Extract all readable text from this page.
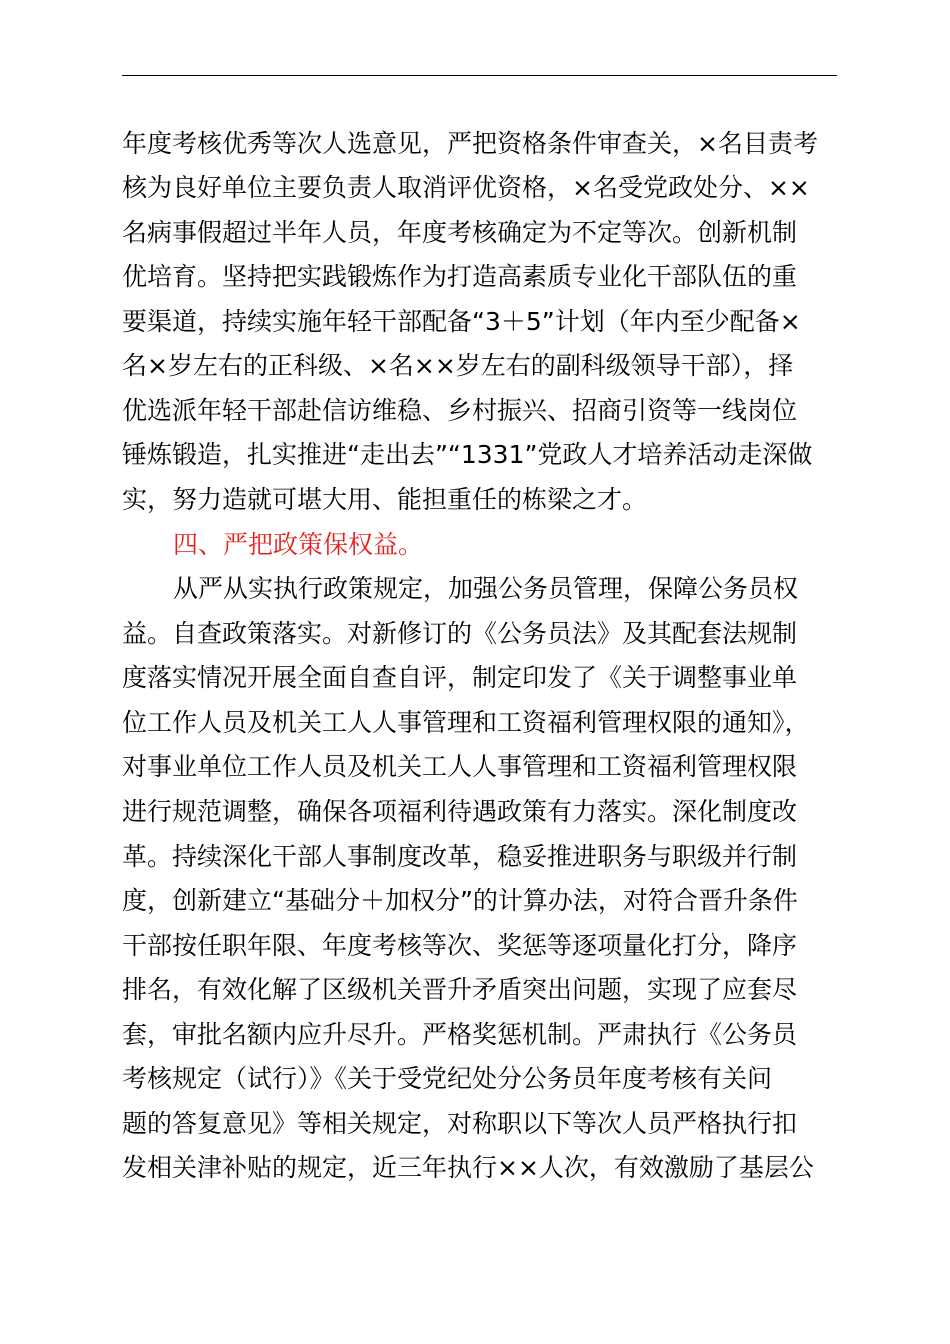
年度考核优秀等次人选意见，严把资格条件审查关，×名目责考
核为良好单位主要负责人取消评优资格，×名受党政处分、××
名病事假超过半年人员，年度考核确定为不定等次。创新机制
优培育。坚持把实践锻炼作为打造高素质专业化干部队伍的重
要渠道，持续实施年轻干部配备“3＋5”计划（年内至少配备×
名×岁左右的正科级、×名××岁左右的副科级领导干部），择
优选派年轻干部赴信访维稳、乡村振兴、招商引资等一线岗位
锤炼锻造，扎实推进“走出去”“1331”党政人才培养活动走深做
实，努力造就可堪大用、能担重任的栋梁之才。
四、严把政策保权益。
从严从实执行政策规定，加强公务员管理，保障公务员权
益。自查政策落实。对新修订的《公务员法》及其配套法规制
度落实情况开展全面自查自评，制定印发了《关于调整事业单
位工作人员及机关工人人事管理和工资福利管理权限的通知》，
对事业单位工作人员及机关工人人事管理和工资福利管理权限
进行规范调整，确保各项福利待遇政策有力落实。深化制度改
革。持续深化干部人事制度改革，稳妥推进职务与职级并行制
度，创新建立“基础分＋加权分”的计算办法，对符合晋升条件
干部按任职年限、年度考核等次、奖惩等逐项量化打分，降序
排名，有效化解了区级机关晋升矛盾突出问题，实现了应套尽
套，审批名额内应升尽升。严格奖惩机制。严肃执行《公务员
考核规定（试行）》《关于受党纪处分公务员年度考核有关问
题的答复意见》等相关规定，对称职以下等次人员严格执行扣
发相关津补贴的规定，近三年执行××人次，有效激励了基层公
